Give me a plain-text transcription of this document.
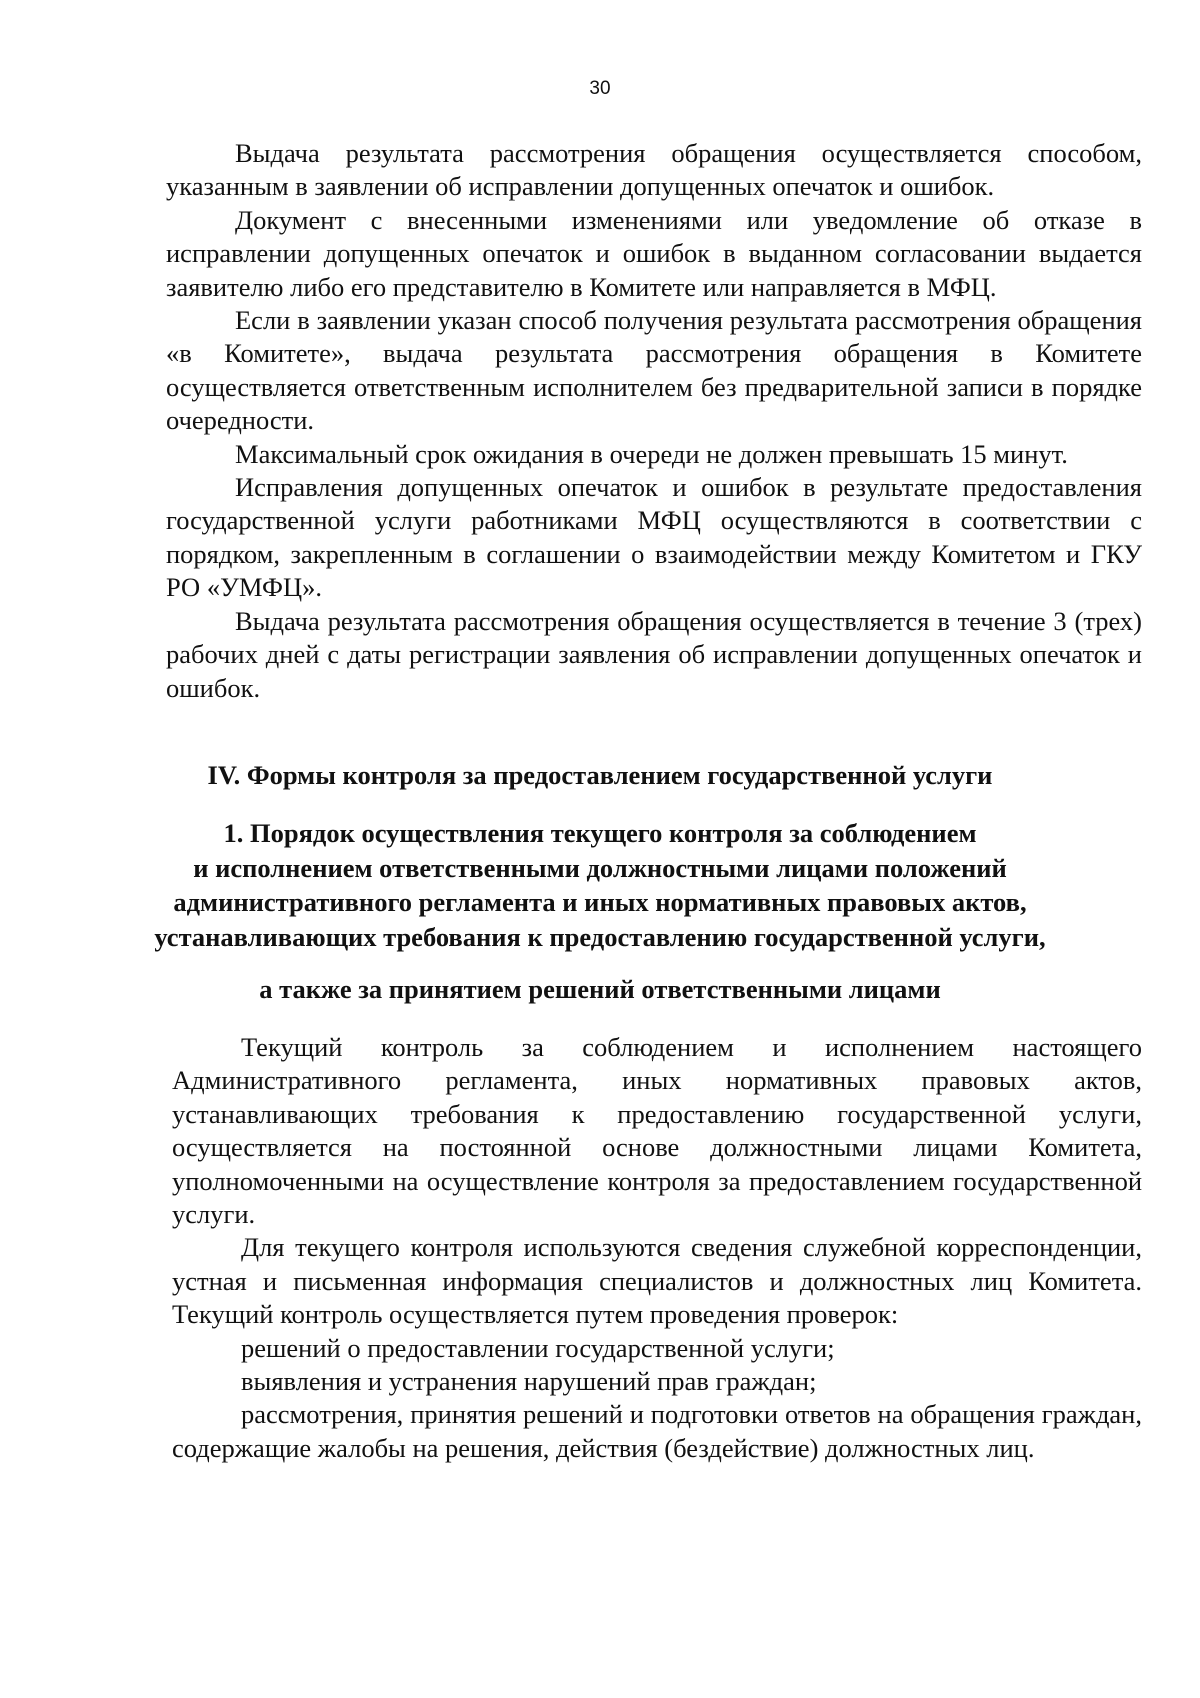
30

Выдача результата рассмотрения обращения осуществляется способом, указанным в заявлении об исправлении допущенных опечаток и ошибок.

Документ с внесенными изменениями или уведомление об отказе в исправлении допущенных опечаток и ошибок в выданном согласовании выдается заявителю либо его представителю в Комитете или направляется в МФЦ.

Если в заявлении указан способ получения результата рассмотрения обращения «в Комитете», выдача результата рассмотрения обращения в Комитете осуществляется ответственным исполнителем без предварительной записи в порядке очередности.

Максимальный срок ожидания в очереди не должен превышать 15 минут.

Исправления допущенных опечаток и ошибок в результате предоставления государственной услуги работниками МФЦ осуществляются в соответствии с порядком, закрепленным в соглашении о взаимодействии между Комитетом и ГКУ РО «УМФЦ».

Выдача результата рассмотрения обращения осуществляется в течение 3 (трех) рабочих дней с даты регистрации заявления об исправлении допущенных опечаток и ошибок.

IV. Формы контроля за предоставлением государственной услуги
1. Порядок осуществления текущего контроля за соблюдением
и исполнением ответственными должностными лицами положений
административного регламента и иных нормативных правовых актов,
устанавливающих требования к предоставлению государственной услуги,
а также за принятием решений ответственными лицами

Текущий контроль за соблюдением и исполнением настоящего Административного регламента, иных нормативных правовых актов, устанавливающих требования к предоставлению государственной услуги, осуществляется на постоянной основе должностными лицами Комитета, уполномоченными на осуществление контроля за предоставлением государственной услуги.

Для текущего контроля используются сведения служебной корреспонденции, устная и письменная информация специалистов и должностных лиц Комитета. Текущий контроль осуществляется путем проведения проверок:

решений о предоставлении государственной услуги;

выявления и устранения нарушений прав граждан;

рассмотрения, принятия решений и подготовки ответов на обращения граждан, содержащие жалобы на решения, действия (бездействие) должностных лиц.
